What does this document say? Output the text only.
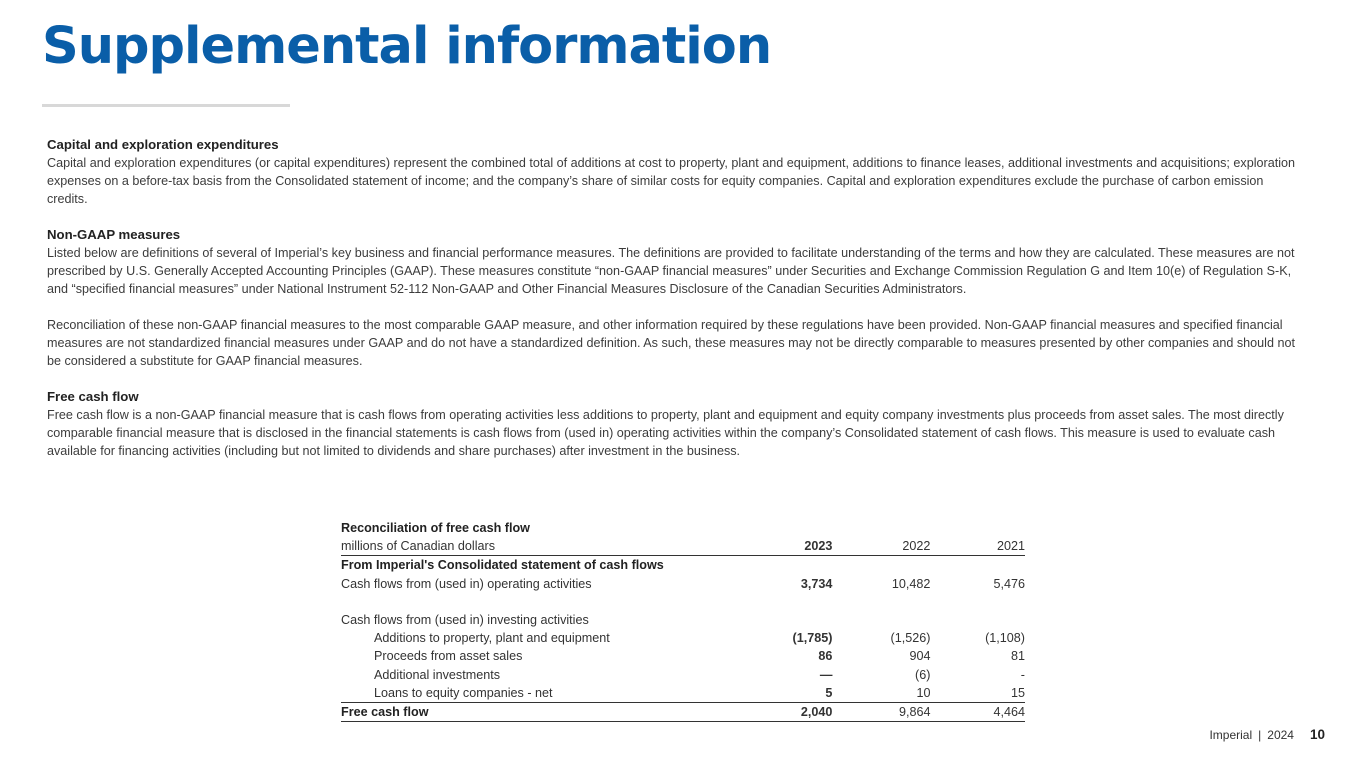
Supplemental information
Capital and exploration expenditures

Capital and exploration expenditures (or capital expenditures) represent the combined total of additions at cost to property, plant and equipment, additions to finance leases, additional investments and acquisitions; exploration expenses on a before-tax basis from the Consolidated statement of income; and the company’s share of similar costs for equity companies. Capital and exploration expenditures exclude the purchase of carbon emission credits.

Non-GAAP measures

Listed below are definitions of several of Imperial’s key business and financial performance measures. The definitions are provided to facilitate understanding of the terms and how they are calculated. These measures are not prescribed by U.S. Generally Accepted Accounting Principles (GAAP). These measures constitute “non-GAAP financial measures” under Securities and Exchange Commission Regulation G and Item 10(e) of Regulation S-K, and “specified financial measures” under National Instrument 52-112 Non-GAAP and Other Financial Measures Disclosure of the Canadian Securities Administrators.

Reconciliation of these non-GAAP financial measures to the most comparable GAAP measure, and other information required by these regulations have been provided. Non-GAAP financial measures and specified financial measures are not standardized financial measures under GAAP and do not have a standardized definition. As such, these measures may not be directly comparable to measures presented by other companies and should not be considered a substitute for GAAP financial measures.

Free cash flow

Free cash flow is a non-GAAP financial measure that is cash flows from operating activities less additions to property, plant and equipment and equity company investments plus proceeds from asset sales. The most directly comparable financial measure that is disclosed in the financial statements is cash flows from (used in) operating activities within the company’s Consolidated statement of cash flows. This measure is used to evaluate cash available for financing activities (including but not limited to dividends and share purchases) after investment in the business.

Reconciliation of free cash flow			
millions of Canadian dollars	2023	2022	2021
From Imperial's Consolidated statement of cash flows			
Cash flows from (used in) operating activities	3,734	10,482	5,476

Cash flows from (used in) investing activities			
Additions to property, plant and equipment	(1,785)	(1,526)	(1,108)
Proceeds from asset sales	86	904	81
Additional investments	—	(6)	-
Loans to equity companies - net	5	10	15
Free cash flow	2,040	9,864	4,464
Imperial | 2024 10
